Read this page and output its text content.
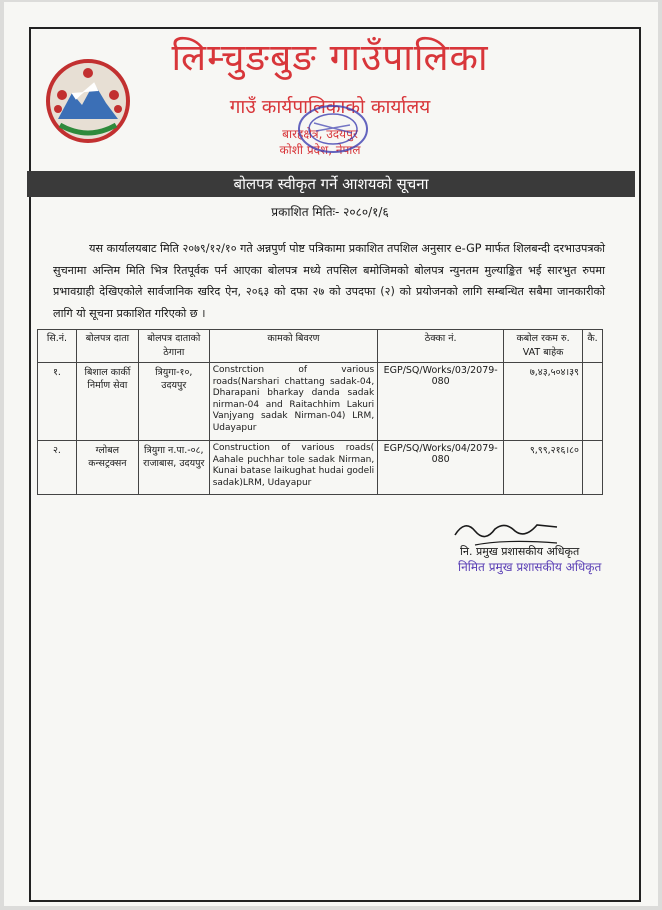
लिम्चुङबुङ गाउँपालिका
गाउँ कार्यपालिकाको कार्यालय
बारहक्षेत्र, उदयपुर
कोशी प्रदेश, नेपाल
बोलपत्र स्वीकृत गर्ने आशयको सूचना
प्रकाशित मितिः- २०८०/१/६
यस कार्यालयबाट मिति २०७९/१२/१० गते अन्नपुर्ण पोष्ट पत्रिकामा प्रकाशित तपशिल अनुसार e-GP मार्फत शिलबन्दी दरभाउपत्रको सुचनामा अन्तिम मिति भित्र रितपूर्वक पर्न आएका बोलपत्र मध्ये तपसिल बमोजिमको बोलपत्र न्युनतम मुल्याङ्कित भई सारभुत रुपमा प्रभावग्राही देखिएकोले सार्वजानिक खरिद ऐन, २०६३ को दफा २७ को उपदफा (२) को प्रयोजनको लागि सम्बन्धित सबैमा जानकारीको लागि यो सूचना प्रकाशित गरिएको छ ।
सि.नं.	बोलपत्र दाता	बोलपत्र दाताको ठेगाना	कामको बिवरण	ठेक्का नं.	कबोल रकम रु. VAT बाहेक	कै.
१.	बिशाल कार्की निर्माण सेवा	त्रियुगा-१०, उदयपुर	Constrction of various roads(Narshari chattang sadak-04, Dharapani bharkay danda sadak nirman-04 and Raitachhim Lakuri Vanjyang sadak Nirman-04) LRM, Udayapur	EGP/SQ/Works/03/2079-080	७,४३,५०४।३९	
२.	ग्लोबल कन्सट्रक्सन	त्रियुगा न.पा.-०८, राजाबास, उदयपुर	Construction of various roads( Aahale puchhar tole sadak Nirman, Kunai batase laikughat hudai godeli sadak)LRM, Udayapur	EGP/SQ/Works/04/2079-080	९,९९,२१६।८०	
नि. प्रमुख प्रशासकीय अधिकृत
निमित प्रमुख प्रशासकीय अधिकृत
